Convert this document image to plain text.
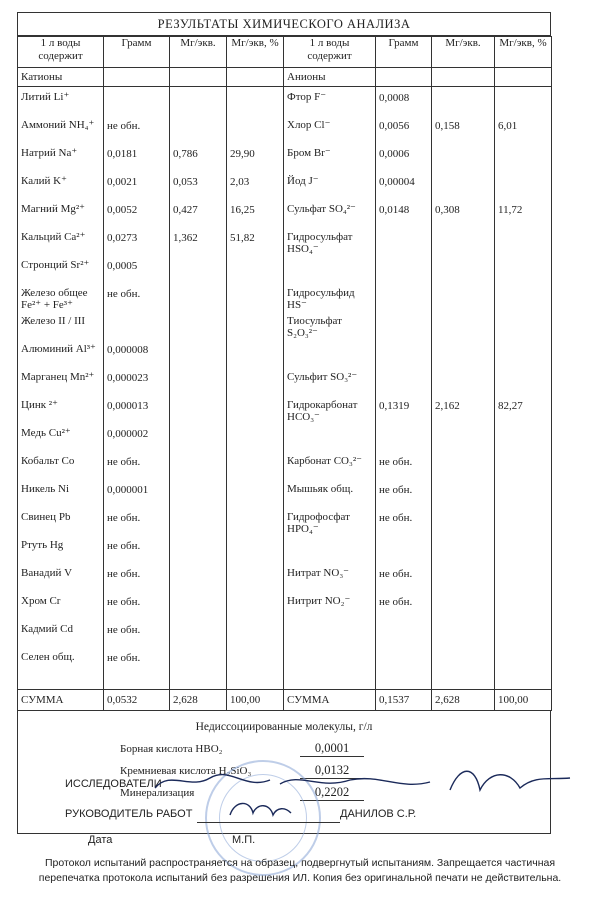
РЕЗУЛЬТАТЫ ХИМИЧЕСКОГО АНАЛИЗА
1 л воды содержит	Грамм	Мг/экв.	Мг/экв, %	1 л воды содержит	Грамм	Мг/экв.	Мг/экв, %
Катионы				Анионы			
Литий Li⁺				Фтор F⁻	0,0008		
Аммоний NH₄⁺	не обн.			Хлор Cl⁻	0,0056	0,158	6,01
Натрий Na⁺	0,0181	0,786	29,90	Бром Br⁻	0,0006		
Калий K⁺	0,0021	0,053	2,03	Йод J⁻	0,00004		
Магний Mg²⁺	0,0052	0,427	16,25	Сульфат SO₄²⁻	0,0148	0,308	11,72
Кальций Ca²⁺	0,0273	1,362	51,82	Гидросульфат HSO₄⁻			
Стронций Sr²⁺	0,0005						
Железо общее Fe²⁺ + Fe³⁺	не обн.			Гидросульфид HS⁻			
Железо II / III				Тиосульфат S₂O₃²⁻			
Алюминий Al³⁺	0,000008						
Марганец Mn²⁺	0,000023			Сульфит SO₃²⁻			
Цинк ²⁺	0,000013			Гидрокарбонат HCO₃⁻	0,1319	2,162	82,27
Медь Cu²⁺	0,000002						
Кобальт Co	не обн.			Карбонат CO₃²⁻	не обн.		
Никель Ni	0,000001			Мышьяк общ.	не обн.		
Свинец Pb	не обн.			Гидрофосфат HPO₄⁻	не обн.		
Ртуть Hg	не обн.						
Ванадий V	не обн.			Нитрат NO₃⁻	не обн.		
Хром Cr	не обн.			Нитрит NO₂⁻	не обн.		
Кадмий Cd	не обн.						
Селен общ.	не обн.						

СУММА	0,0532	2,628	100,00	СУММА	0,1537	2,628	100,00
Недиссоциированные молекулы, г/л
Борная кислота HBO₂	0,0001
Кремниевая кислота H₂SiO₃	0,0132
Минерализация	0,2202
ИССЛЕДОВАТЕЛИ
РУКОВОДИТЕЛЬ РАБОТ	ДАНИЛОВ С.Р.
Дата	М.П.
Протокол испытаний распространяется на образец, подвергнутый испытаниям. Запрещается частичная
перепечатка протокола испытаний без разрешения ИЛ. Копия без оригинальной печати не действительна.
